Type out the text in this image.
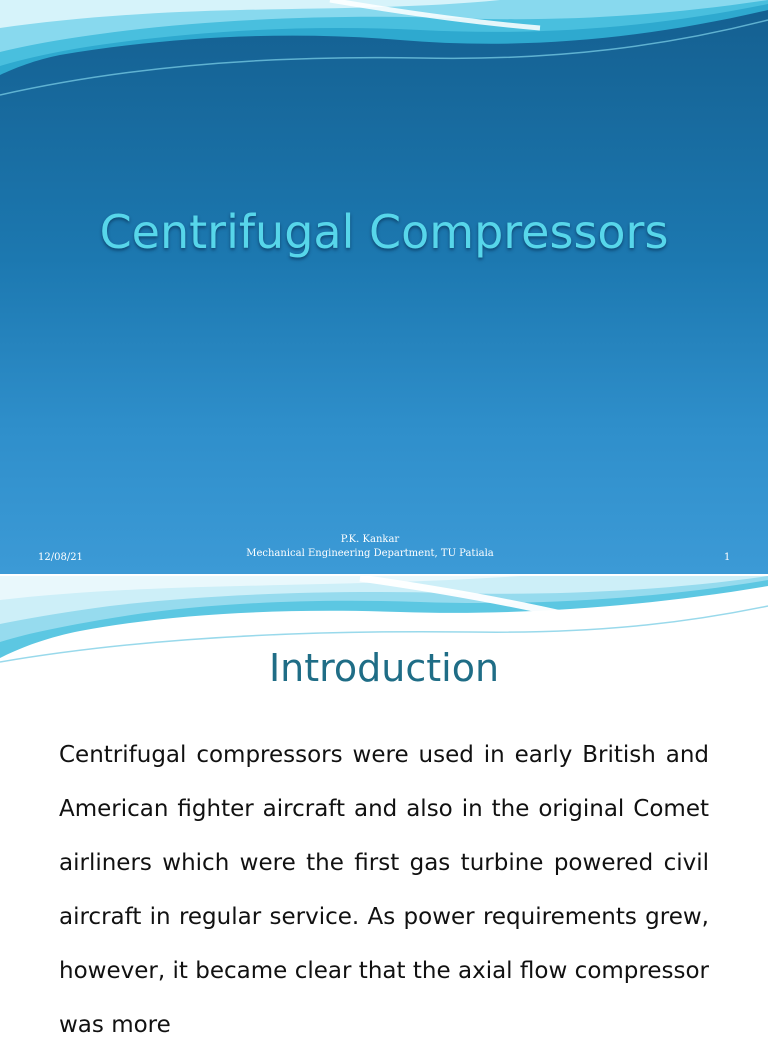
Centrifugal Compressors
12/08/21
P.K. Kankar
Mechanical Engineering Department, TU Patiala	1
Introduction

Centrifugal compressors were used in early British and American fighter aircraft and also in the original Comet airliners which were the first gas turbine powered civil aircraft in regular service. As power requirements grew, however, it became clear that the axial flow compressor was more
